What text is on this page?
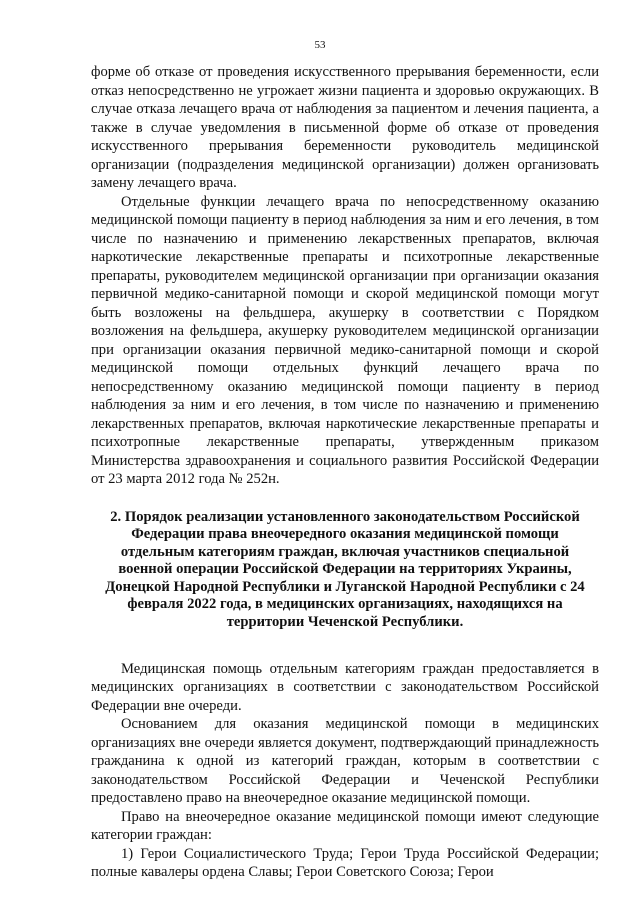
53

форме об отказе от проведения искусственного прерывания беременности, если отказ непосредственно не угрожает жизни пациента и здоровью окружающих. В случае отказа лечащего врача от наблюдения за пациентом и лечения пациента, а также в случае уведомления в письменной форме об отказе от проведения искусственного прерывания беременности руководитель медицинской организации (подразделения медицинской организации) должен организовать замену лечащего врача.

Отдельные функции лечащего врача по непосредственному оказанию медицинской помощи пациенту в период наблюдения за ним и его лечения, в том числе по назначению и применению лекарственных препаратов, включая наркотические лекарственные препараты и психотропные лекарственные препараты, руководителем медицинской организации при организации оказания первичной медико-санитарной помощи и скорой медицинской помощи могут быть возложены на фельдшера, акушерку в соответствии с Порядком возложения на фельдшера, акушерку руководителем медицинской организации при организации оказания первичной медико-санитарной помощи и скорой медицинской помощи отдельных функций лечащего врача по непосредственному оказанию медицинской помощи пациенту в период наблюдения за ним и его лечения, в том числе по назначению и применению лекарственных препаратов, включая наркотические лекарственные препараты и психотропные лекарственные препараты, утвержденным приказом Министерства здравоохранения и социального развития Российской Федерации от 23 марта 2012 года № 252н.

2. Порядок реализации установленного законодательством Российской Федерации права внеочередного оказания медицинской помощи отдельным категориям граждан, включая участников специальной военной операции Российской Федерации на территориях Украины, Донецкой Народной Республики и Луганской Народной Республики с 24 февраля 2022 года, в медицинских организациях, находящихся на территории Чеченской Республики.

Медицинская помощь отдельным категориям граждан предоставляется в медицинских организациях в соответствии с законодательством Российской Федерации вне очереди.

Основанием для оказания медицинской помощи в медицинских организациях вне очереди является документ, подтверждающий принадлежность гражданина к одной из категорий граждан, которым в соответствии с законодательством Российской Федерации и Чеченской Республики предоставлено право на внеочередное оказание медицинской помощи.

Право на внеочередное оказание медицинской помощи имеют следующие категории граждан:

1) Герои Социалистического Труда; Герои Труда Российской Федерации; полные кавалеры ордена Славы; Герои Советского Союза; Герои
